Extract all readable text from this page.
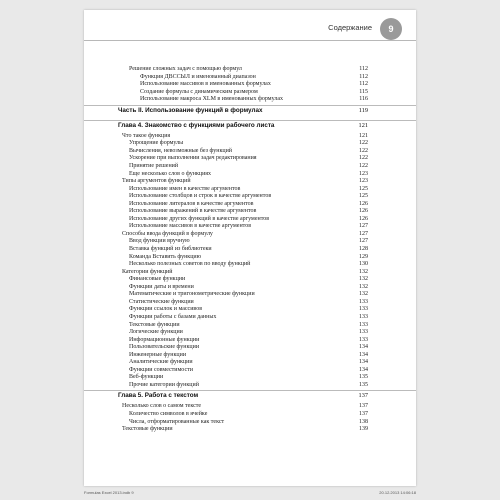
Содержание	9
Решение сложных задач с помощью формул	112
Функция ДВССЫЛ и именованный диапазон	112
Использование массивов в именованных формулах	112
Создание формулы с динамическим размером	115
Использование макроса XLM в именованных формулах	116
Часть II. Использование функций в формулах	119
Глава 4. Знакомство с функциями рабочего листа	121
Что такое функция	121
Упрощение формулы	122
Вычисления, невозможные без функций	122
Ускорение при выполнении задач редактирования	122
Принятие решений	122
Еще несколько слов о функциях	123
Типы аргументов функций	123
Использование имен в качестве аргументов	125
Использование столбцов и строк в качестве аргументов	125
Использование литералов в качестве аргументов	126
Использование выражений в качестве аргументов	126
Использование других функций в качестве аргументов	126
Использование массивов в качестве аргументов	127
Способы ввода функций в формулу	127
Ввод функции вручную	127
Вставка функций из библиотеки	128
Команда Вставить функцию	129
Несколько полезных советов по вводу функций	130
Категории функций	132
Финансовые функции	132
Функции даты и времени	132
Математические и тригонометрические функции	132
Статистические функции	133
Функции ссылок и массивов	133
Функции работы с базами данных	133
Текстовые функции	133
Логические функции	133
Информационные функции	133
Пользовательские функции	134
Инженерные функции	134
Аналитические функции	134
Функции совместимости	134
Веб-функции	135
Прочие категории функций	135
Глава 5. Работа с текстом	137
Несколько слов о самом тексте	137
Количество символов в ячейке	137
Числа, отформатированные как текст	138
Текстовые функции	139
Formulas Excel 2013.indb 9	20.12.2013 14:06:18
